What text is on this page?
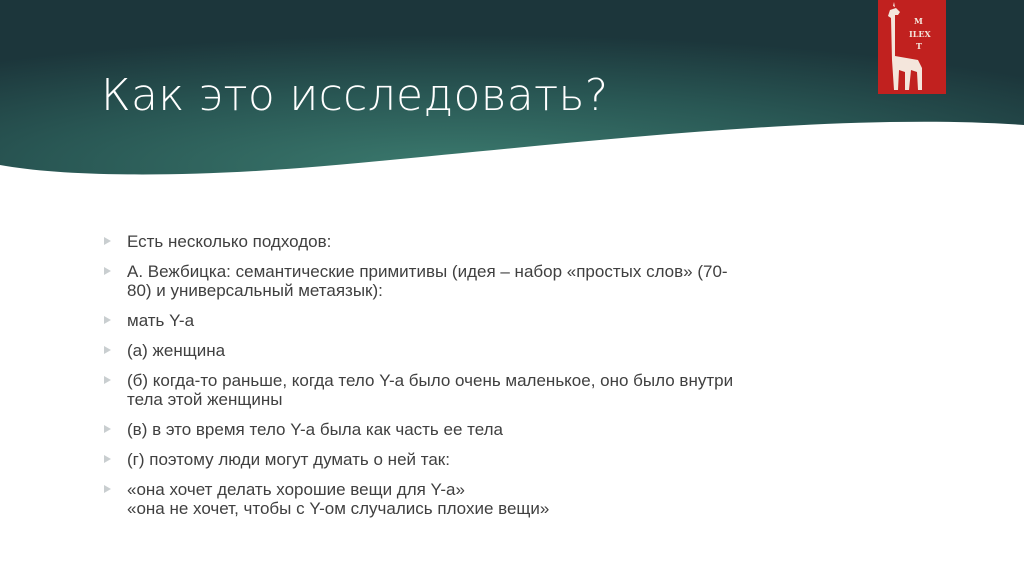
Как это исследовать?
M
ILEX
T
Есть несколько подходов:
А. Вежбицка: семантические примитивы (идея – набор «простых слов» (70-
80) и универсальный метаязык):
мать Y-a
(а) женщина
(б) когда-то раньше, когда тело Y-a было очень маленькое, оно было внутри
тела этой женщины
(в) в это время тело Y-a была как часть ее тела
(г) поэтому люди могут думать о ней так:
«она хочет делать хорошие вещи для Y-a»
«она не хочет, чтобы с Y-ом случались плохие вещи»
